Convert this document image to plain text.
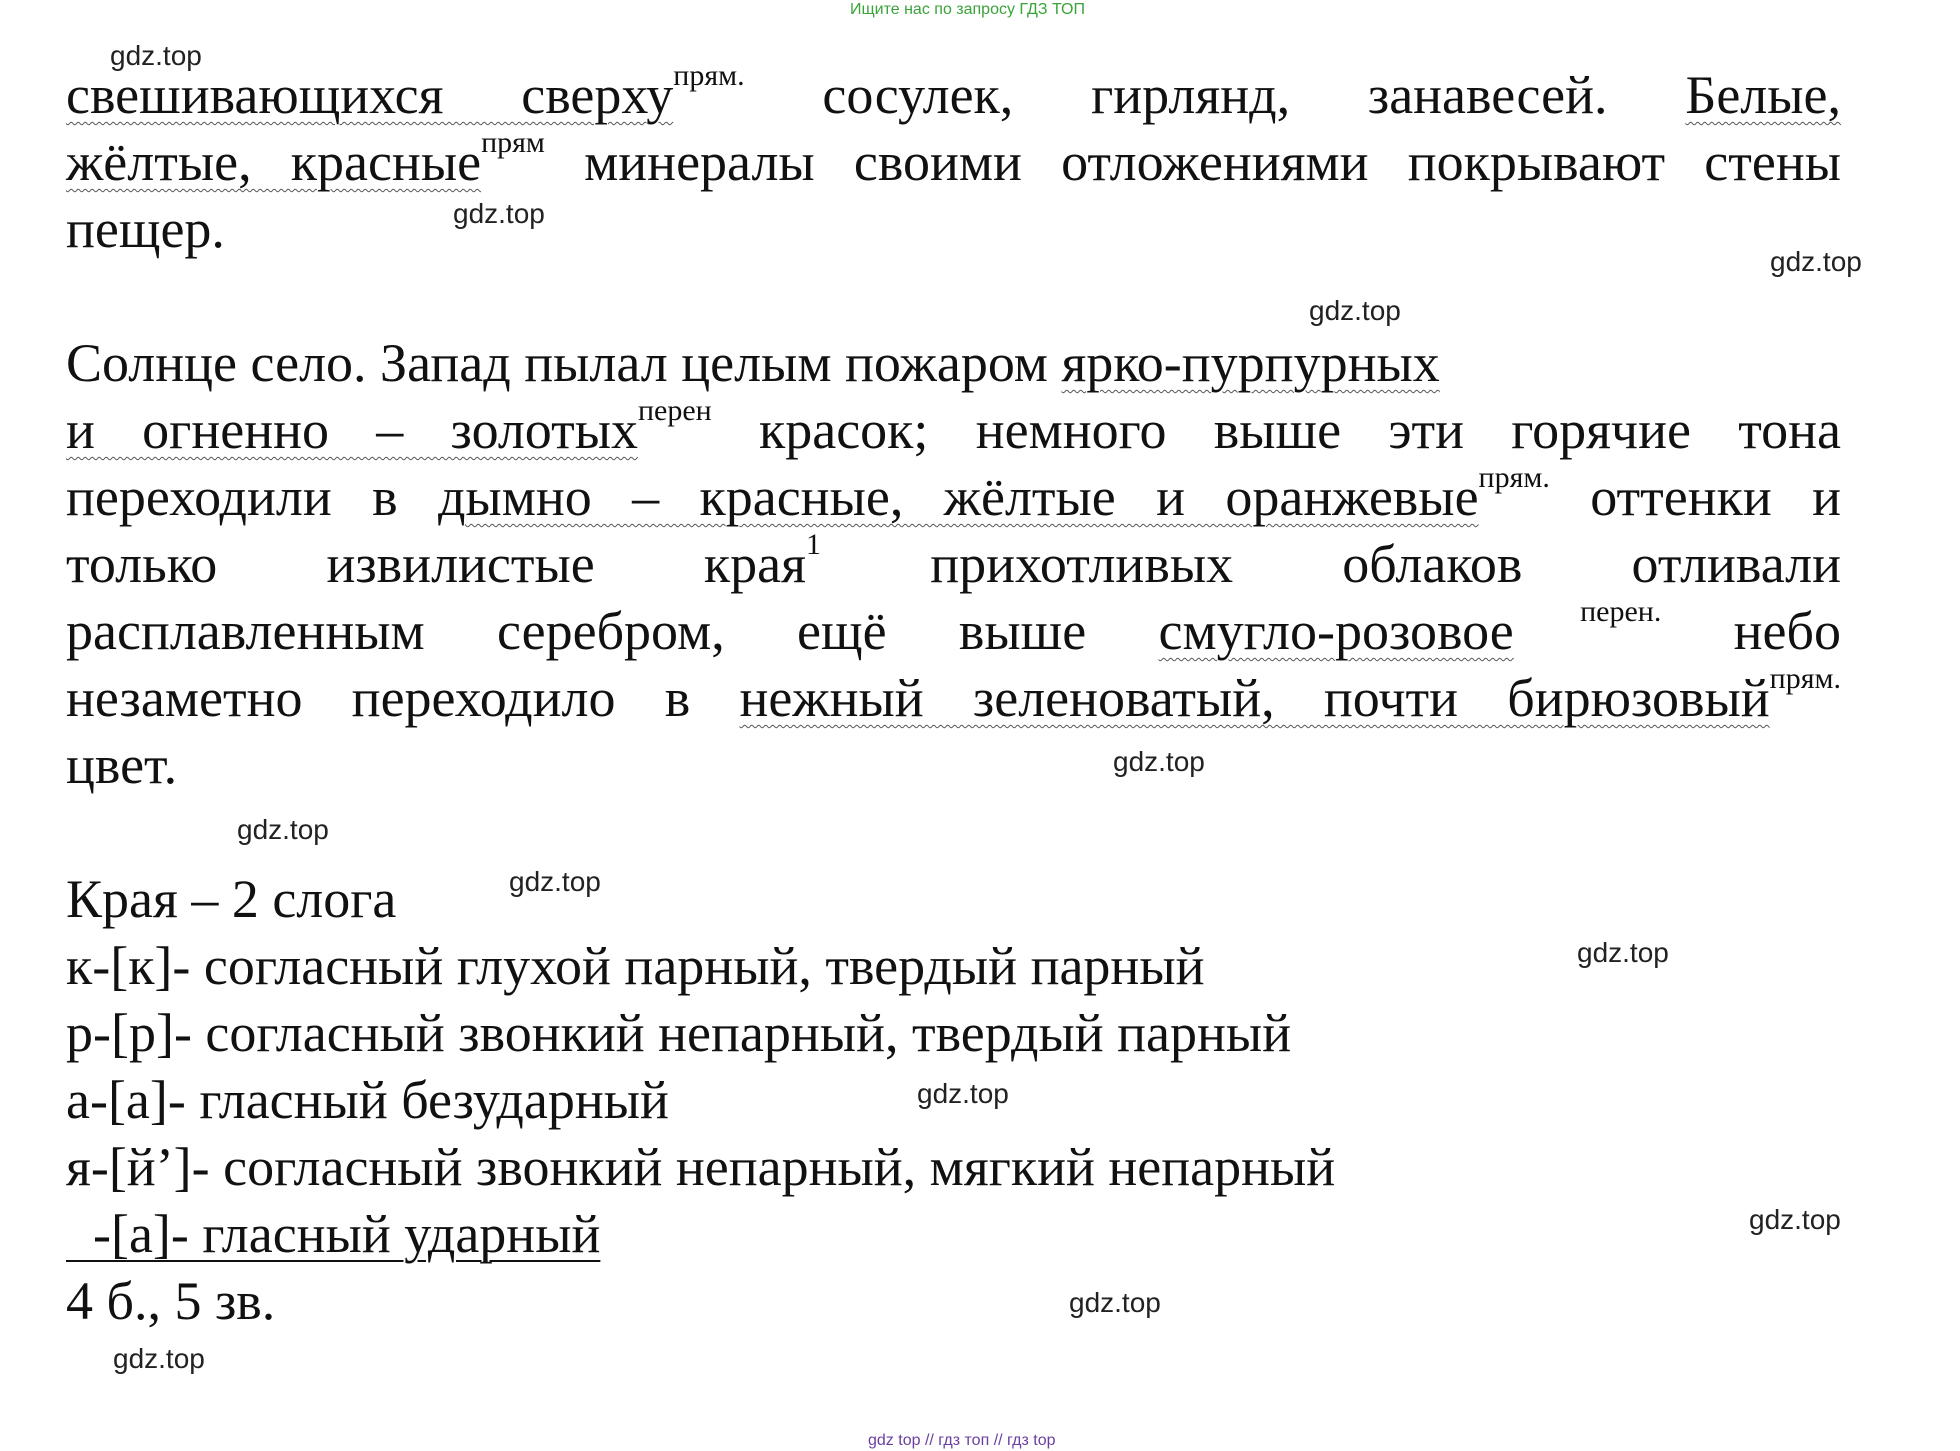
Ищите нас по запросу ГДЗ ТОП
gdz.top
gdz.top
gdz.top
gdz.top
gdz.top
gdz.top
gdz.top
gdz.top
gdz.top
gdz.top
gdz.top
gdz.top
свешивающихся сверху$^{прям.}$ сосулек, гирлянд, занавесей. Белые,
жёлтые, красные$^{прям}$ минералы своими отложениями покрывают стены
пещер.
Солнце село. Запад пылал целым пожаром ярко-пурпурных
и огненно – золотых$^{перен}$ красок; немного выше эти горячие тона
переходили в дымно – красные, жёлтые и оранжевые$^{прям.}$ оттенки и
только извилистые края$^1$ прихотливых облаков отливали
расплавленным серебром, ещё выше смугло-розовое $^{перен.}$ небо
незаметно переходило в нежный зеленоватый, почти бирюзовый$^{прям.}$
цвет.
Края – 2 слога
к-[к]- согласный глухой парный, твердый парный
р-[р]- согласный звонкий непарный, твердый парный
а-[а]- гласный безударный
я-[й’]- согласный звонкий непарный, мягкий непарный
-[а]- гласный ударный
4 б., 5 зв.
gdz top // гдз топ // гдз top
